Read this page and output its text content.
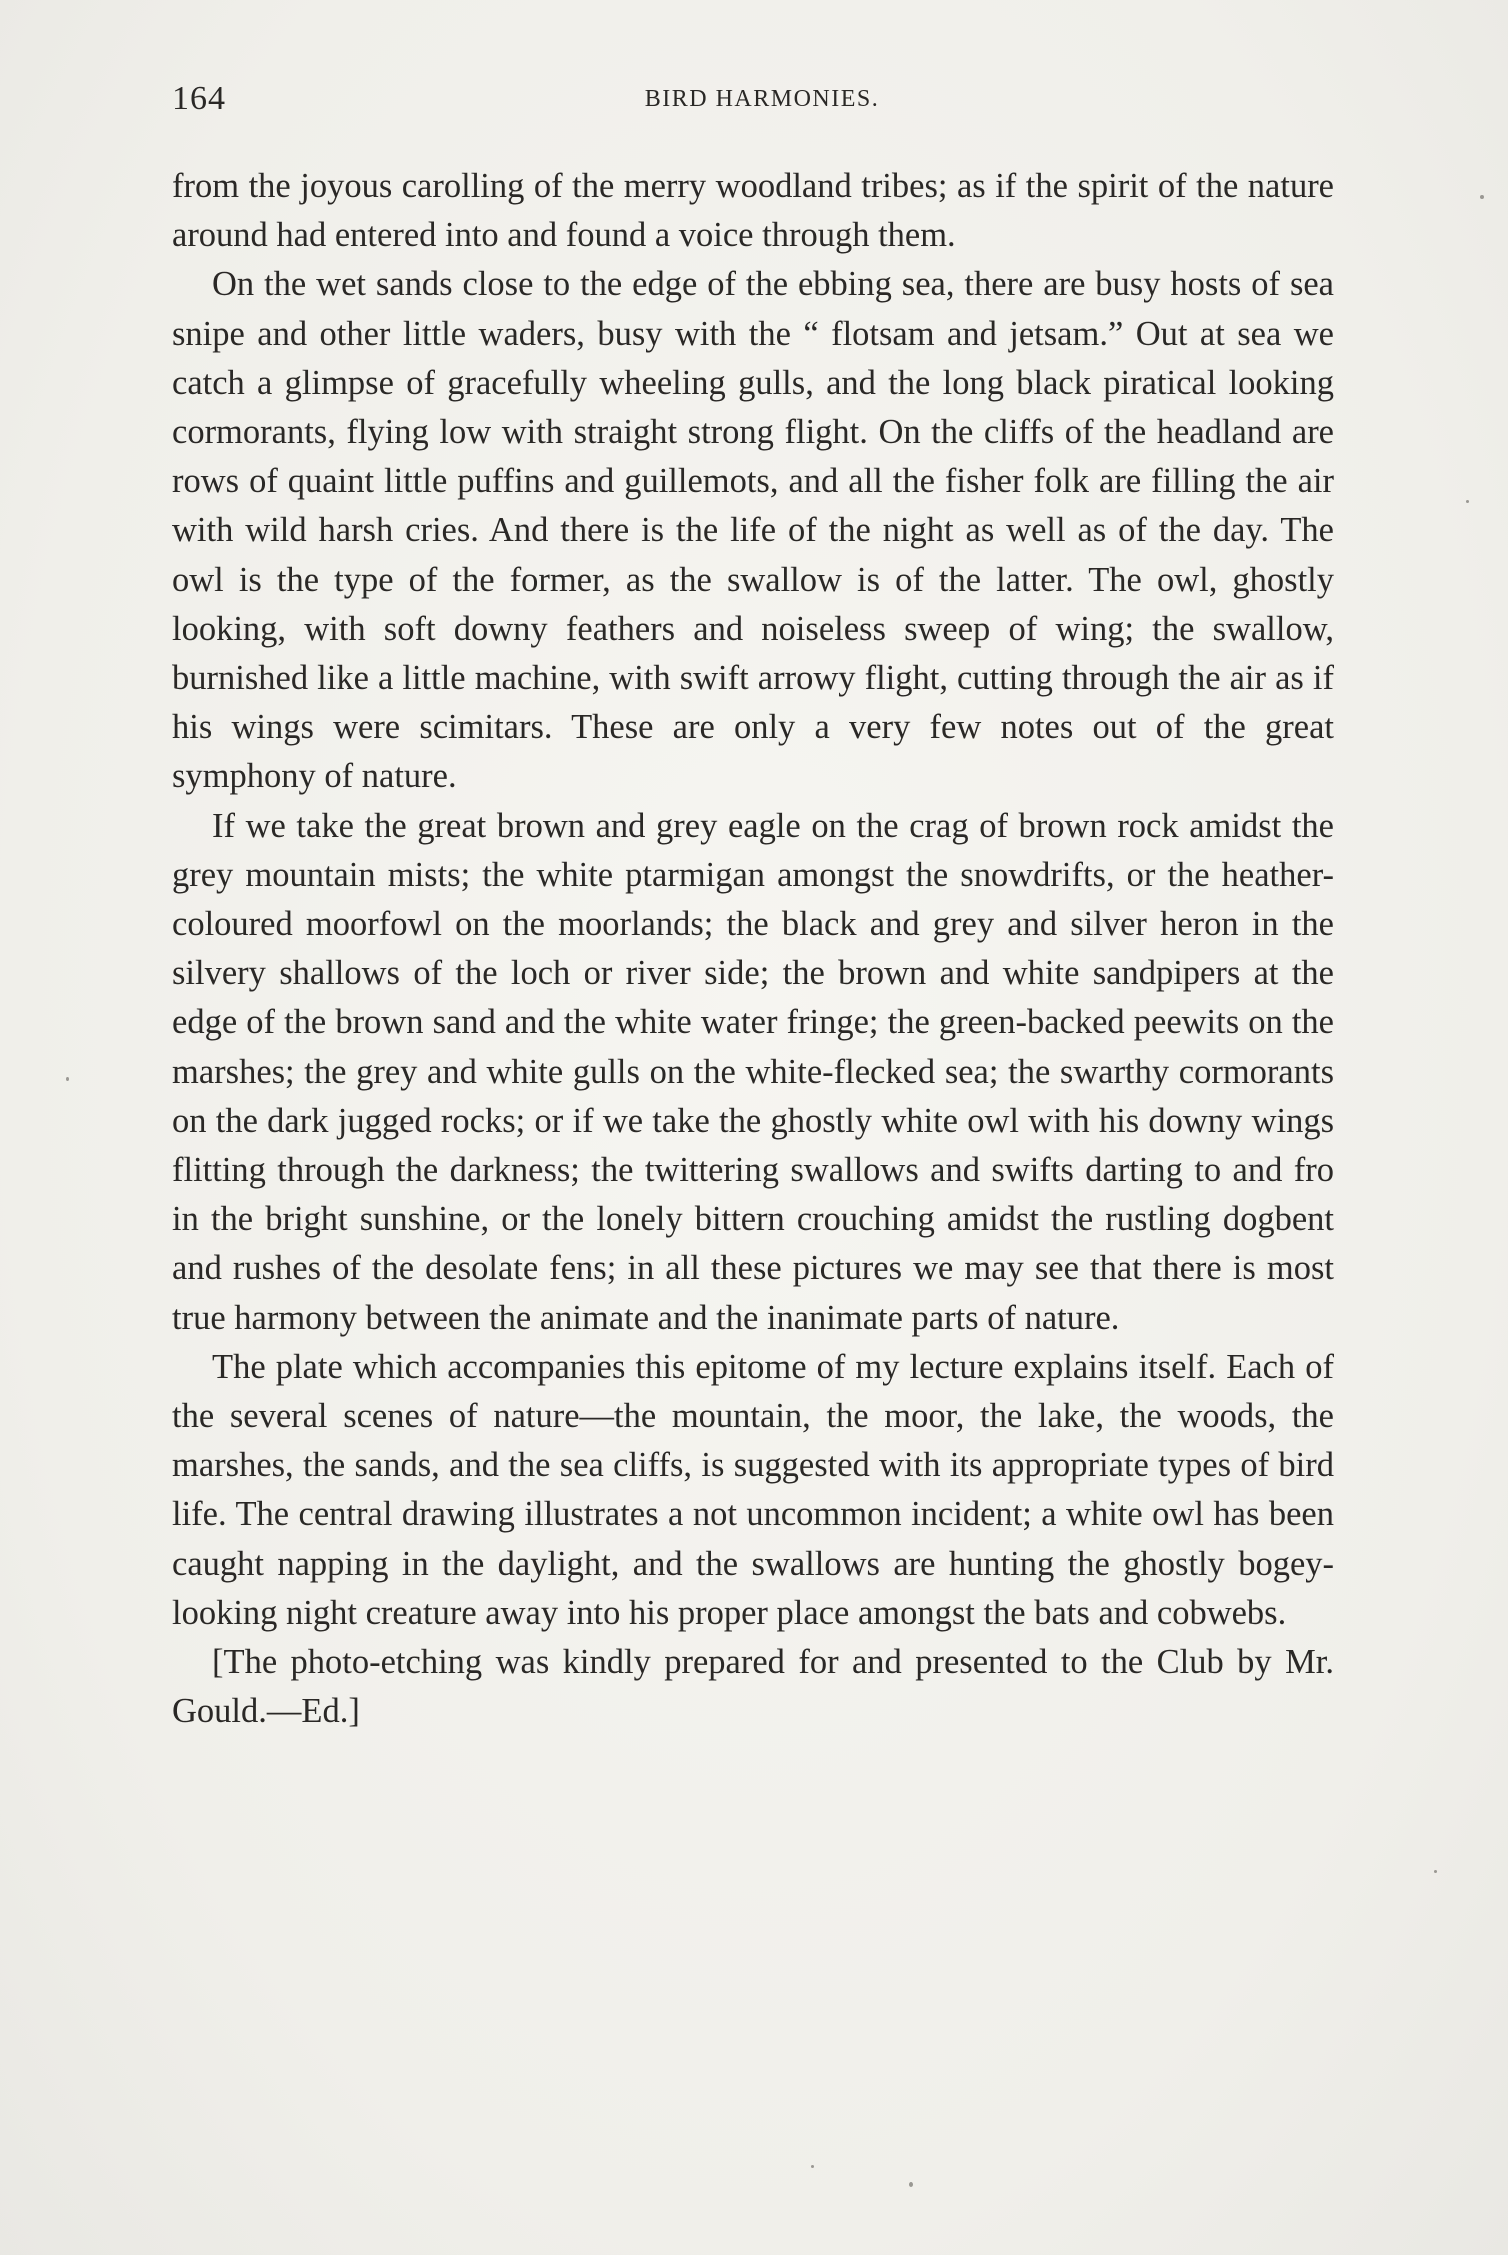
164	BIRD HARMONIES.

from the joyous carolling of the merry woodland tribes; as if the spirit of the nature around had entered into and found a voice through them.

On the wet sands close to the edge of the ebbing sea, there are busy hosts of sea snipe and other little waders, busy with the “ flotsam and jetsam.” Out at sea we catch a glimpse of gracefully wheeling gulls, and the long black piratical looking cormorants, flying low with straight strong flight. On the cliffs of the headland are rows of quaint little puffins and guillemots, and all the fisher folk are filling the air with wild harsh cries. And there is the life of the night as well as of the day. The owl is the type of the former, as the swallow is of the latter. The owl, ghostly looking, with soft downy feathers and noiseless sweep of wing; the swallow, burnished like a little machine, with swift arrowy flight, cutting through the air as if his wings were scimitars. These are only a very few notes out of the great symphony of nature.

If we take the great brown and grey eagle on the crag of brown rock amidst the grey mountain mists; the white ptarmigan amongst the snowdrifts, or the heather-coloured moorfowl on the moorlands; the black and grey and silver heron in the silvery shallows of the loch or river side; the brown and white sandpipers at the edge of the brown sand and the white water fringe; the green-backed peewits on the marshes; the grey and white gulls on the white-flecked sea; the swarthy cormorants on the dark jugged rocks; or if we take the ghostly white owl with his downy wings flitting through the darkness; the twittering swallows and swifts darting to and fro in the bright sunshine, or the lonely bittern crouching amidst the rustling dogbent and rushes of the desolate fens; in all these pictures we may see that there is most true harmony between the animate and the inanimate parts of nature.

The plate which accompanies this epitome of my lecture explains itself. Each of the several scenes of nature—the mountain, the moor, the lake, the woods, the marshes, the sands, and the sea cliffs, is suggested with its appropriate types of bird life. The central drawing illustrates a not uncommon incident; a white owl has been caught napping in the daylight, and the swallows are hunting the ghostly bogey-looking night creature away into his proper place amongst the bats and cobwebs.

[The photo-etching was kindly prepared for and presented to the Club by Mr. Gould.—Ed.]
